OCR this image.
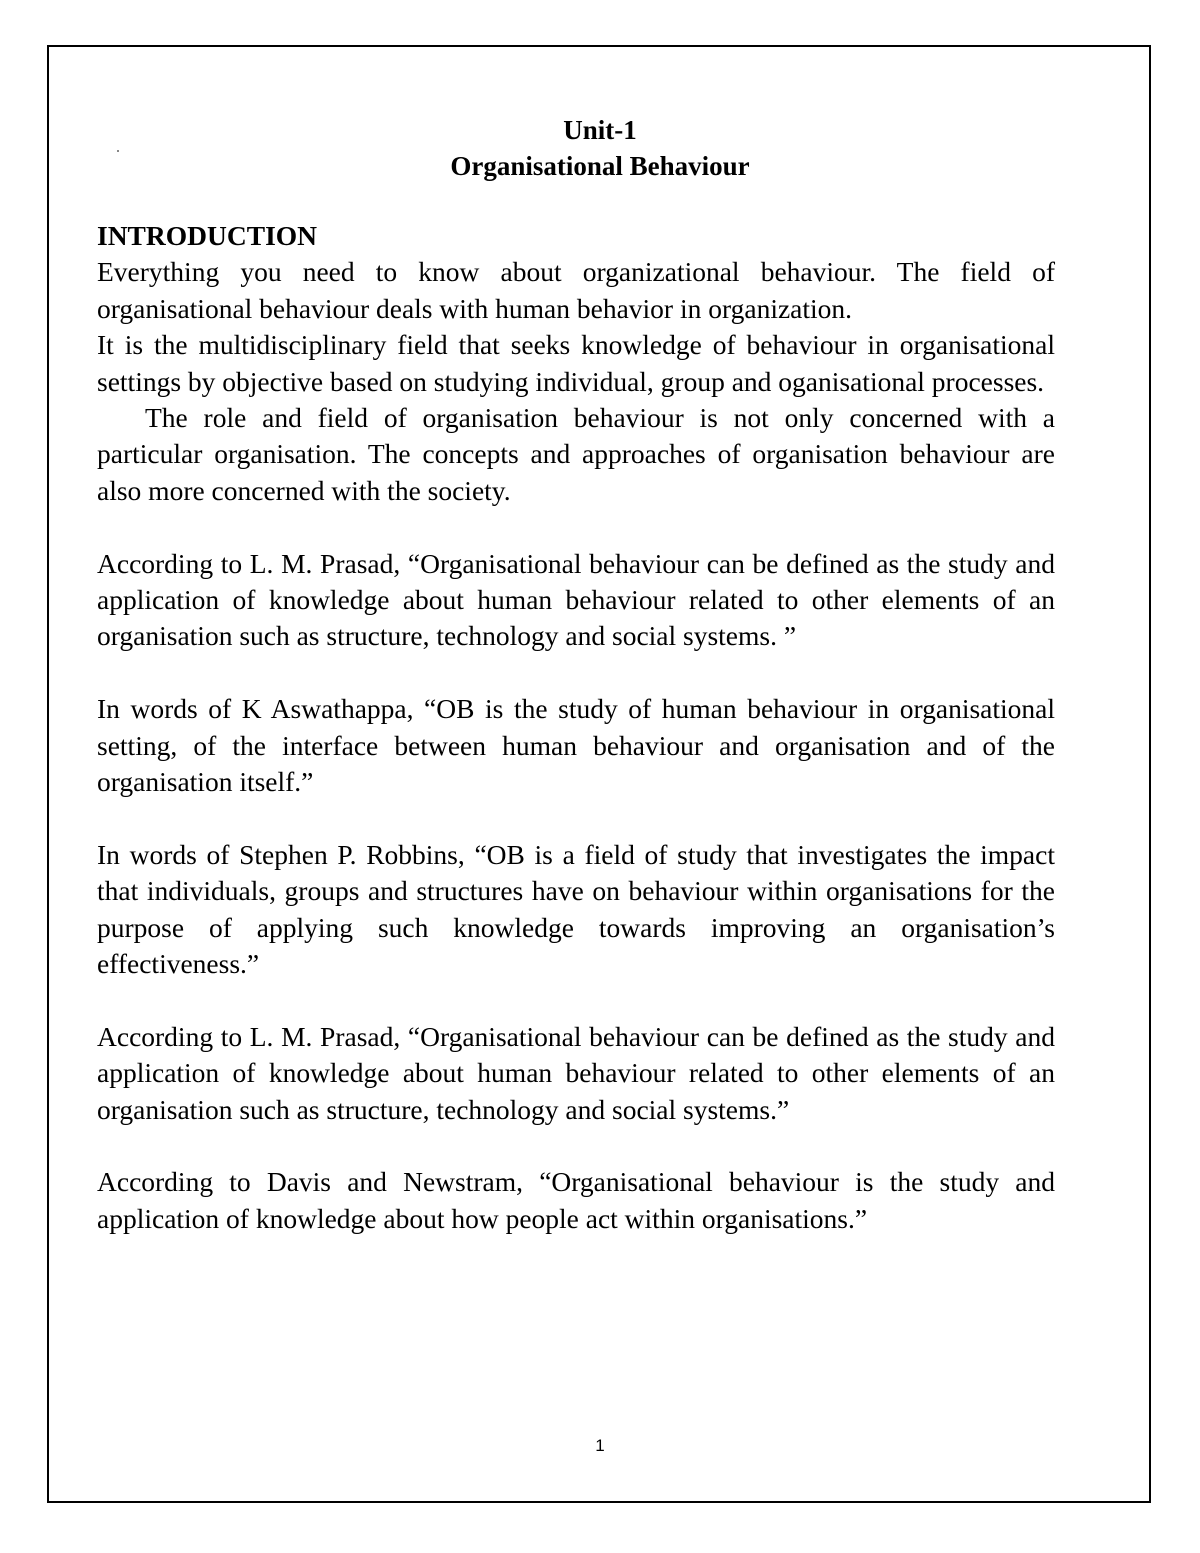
Unit-1
Organisational Behaviour

INTRODUCTION

Everything you need to know about organizational behaviour. The field of organisational behaviour deals with human behavior in organization.

It is the multidisciplinary field that seeks knowledge of behaviour in organisational settings by objective based on studying individual, group and oganisational processes.

The role and field of organisation behaviour is not only concerned with a particular organisation. The concepts and approaches of organisation behaviour are also more concerned with the society.

According to L. M. Prasad, “Organisational behaviour can be defined as the study and application of knowledge about human behaviour related to other elements of an organisation such as structure, technology and social systems. ”

In words of K Aswathappa, “OB is the study of human behaviour in organisational setting, of the interface between human behaviour and organisation and of the organisation itself.”

In words of Stephen P. Robbins, “OB is a field of study that investigates the impact that individuals, groups and structures have on behaviour within organisations for the purpose of applying such knowledge towards improving an organisation’s effectiveness.”

According to L. M. Prasad, “Organisational behaviour can be defined as the study and application of knowledge about human behaviour related to other elements of an organisation such as structure, technology and social systems.”

According to Davis and Newstram, “Organisational behaviour is the study and application of knowledge about how people act within organisations.”

1
